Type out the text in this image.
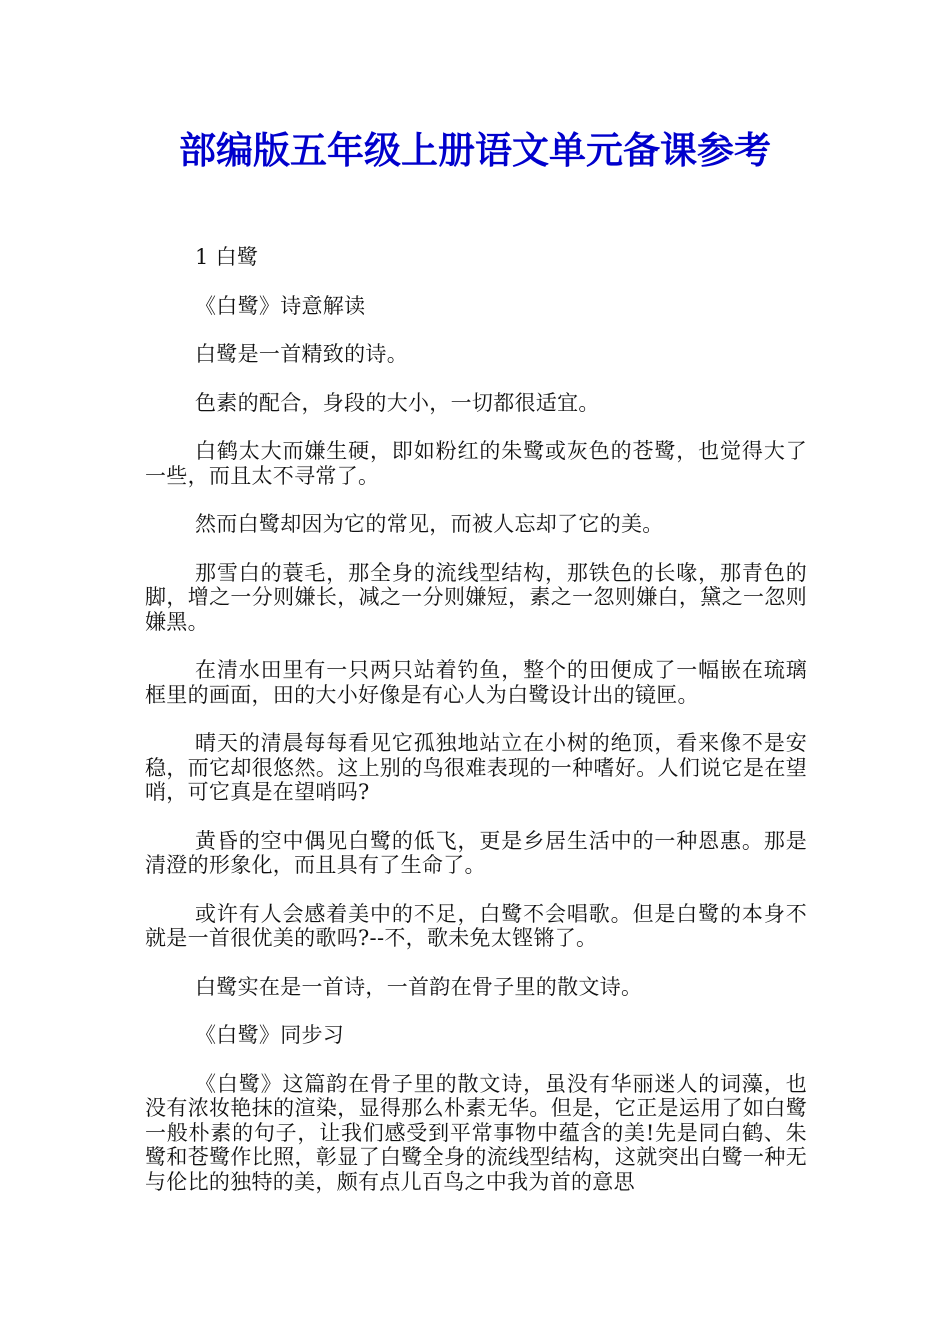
部编版五年级上册语文单元备课参考

1 白鹭

《白鹭》诗意解读

白鹭是一首精致的诗。

色素的配合，身段的大小，一切都很适宜。

白鹤太大而嫌生硬，即如粉红的朱鹭或灰色的苍鹭，也觉得大了一些，而且太不寻常了。

然而白鹭却因为它的常见，而被人忘却了它的美。

那雪白的蓑毛，那全身的流线型结构，那铁色的长喙，那青色的脚，增之一分则嫌长，减之一分则嫌短，素之一忽则嫌白，黛之一忽则嫌黑。

在清水田里有一只两只站着钓鱼，整个的田便成了一幅嵌在琉璃框里的画面，田的大小好像是有心人为白鹭设计出的镜匣。

晴天的清晨每每看见它孤独地站立在小树的绝顶，看来像不是安稳，而它却很悠然。这上别的鸟很难表现的一种嗜好。人们说它是在望哨，可它真是在望哨吗?

黄昏的空中偶见白鹭的低飞，更是乡居生活中的一种恩惠。那是清澄的形象化，而且具有了生命了。

或许有人会感着美中的不足，白鹭不会唱歌。但是白鹭的本身不就是一首很优美的歌吗?--不，歌未免太铿锵了。

白鹭实在是一首诗，一首韵在骨子里的散文诗。

《白鹭》同步习

《白鹭》这篇韵在骨子里的散文诗，虽没有华丽迷人的词藻，也没有浓妆艳抹的渲染，显得那么朴素无华。但是，它正是运用了如白鹭一般朴素的句子，让我们感受到平常事物中蕴含的美!先是同白鹤、朱鹭和苍鹭作比照，彰显了白鹭全身的流线型结构，这就突出白鹭一种无与伦比的独特的美，颇有点儿百鸟之中我为首的意思
